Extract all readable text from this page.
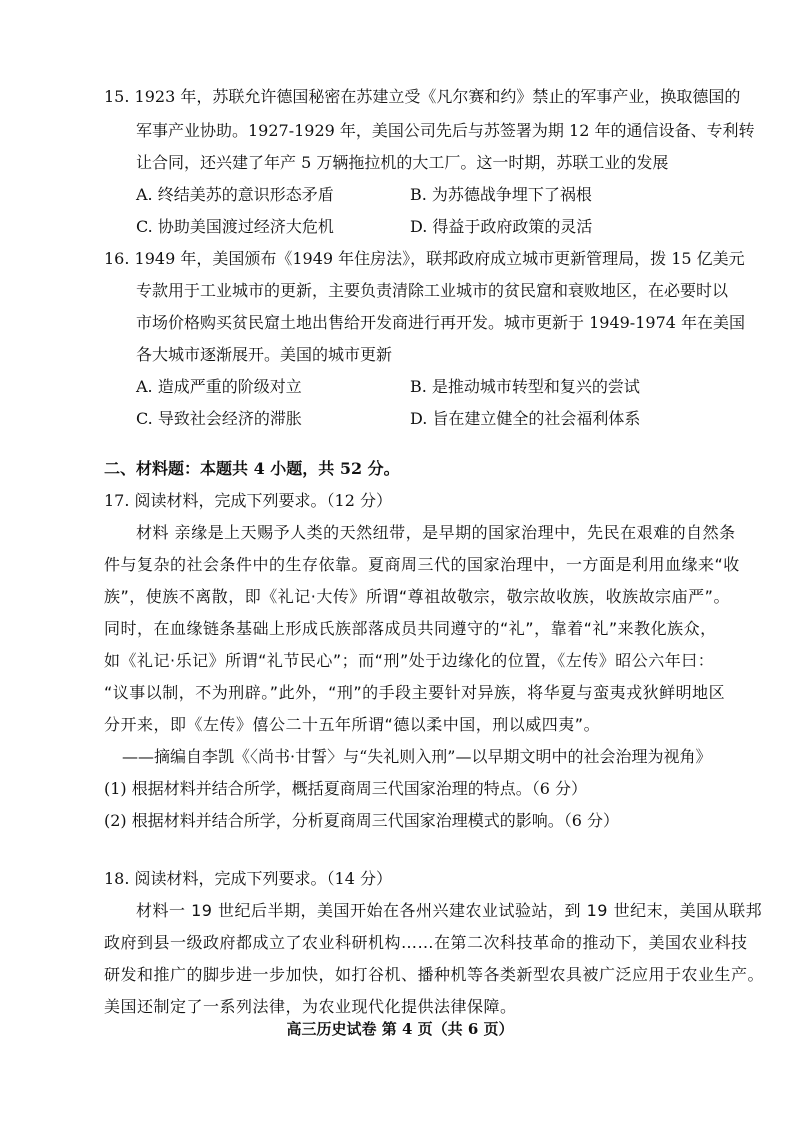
15. 1923 年，苏联允许德国秘密在苏建立受《凡尔赛和约》禁止的军事产业，换取德国的
军事产业协助。1927-1929 年，美国公司先后与苏签署为期 12 年的通信设备、专利转
让合同，还兴建了年产 5 万辆拖拉机的大工厂。这一时期，苏联工业的发展
A. 终结美苏的意识形态矛盾	B. 为苏德战争埋下了祸根
C. 协助美国渡过经济大危机	D. 得益于政府政策的灵活
16. 1949 年，美国颁布《1949 年住房法》，联邦政府成立城市更新管理局，拨 15 亿美元
专款用于工业城市的更新，主要负责清除工业城市的贫民窟和衰败地区，在必要时以
市场价格购买贫民窟土地出售给开发商进行再开发。城市更新于 1949-1974 年在美国
各大城市逐渐展开。美国的城市更新
A. 造成严重的阶级对立	B. 是推动城市转型和复兴的尝试
C. 导致社会经济的滞胀	D. 旨在建立健全的社会福利体系
二、材料题：本题共 4 小题，共 52 分。
17. 阅读材料，完成下列要求。（12 分）
材料 亲缘是上天赐予人类的天然纽带，是早期的国家治理中，先民在艰难的自然条
件与复杂的社会条件中的生存依靠。夏商周三代的国家治理中，一方面是利用血缘来“收
族”，使族不离散，即《礼记·大传》所谓“尊祖故敬宗，敬宗故收族，收族故宗庙严”。
同时，在血缘链条基础上形成氏族部落成员共同遵守的“礼”，靠着“礼”来教化族众，
如《礼记·乐记》所谓“礼节民心”；而“刑”处于边缘化的位置，《左传》昭公六年曰：
“议事以制，不为刑辟。”此外，“刑”的手段主要针对异族，将华夏与蛮夷戎狄鲜明地区
分开来，即《左传》僖公二十五年所谓“德以柔中国，刑以威四夷”。
——摘编自李凯《〈尚书·甘誓〉与“失礼则入刑”—以早期文明中的社会治理为视角》
(1) 根据材料并结合所学，概括夏商周三代国家治理的特点。（6 分）
(2) 根据材料并结合所学，分析夏商周三代国家治理模式的影响。（6 分）
18. 阅读材料，完成下列要求。（14 分）
材料一 19 世纪后半期，美国开始在各州兴建农业试验站，到 19 世纪末，美国从联邦
政府到县一级政府都成立了农业科研机构……在第二次科技革命的推动下，美国农业科技
研发和推广的脚步进一步加快，如打谷机、播种机等各类新型农具被广泛应用于农业生产。
美国还制定了一系列法律，为农业现代化提供法律保障。
高三历史试卷 第 4 页（共 6 页）
